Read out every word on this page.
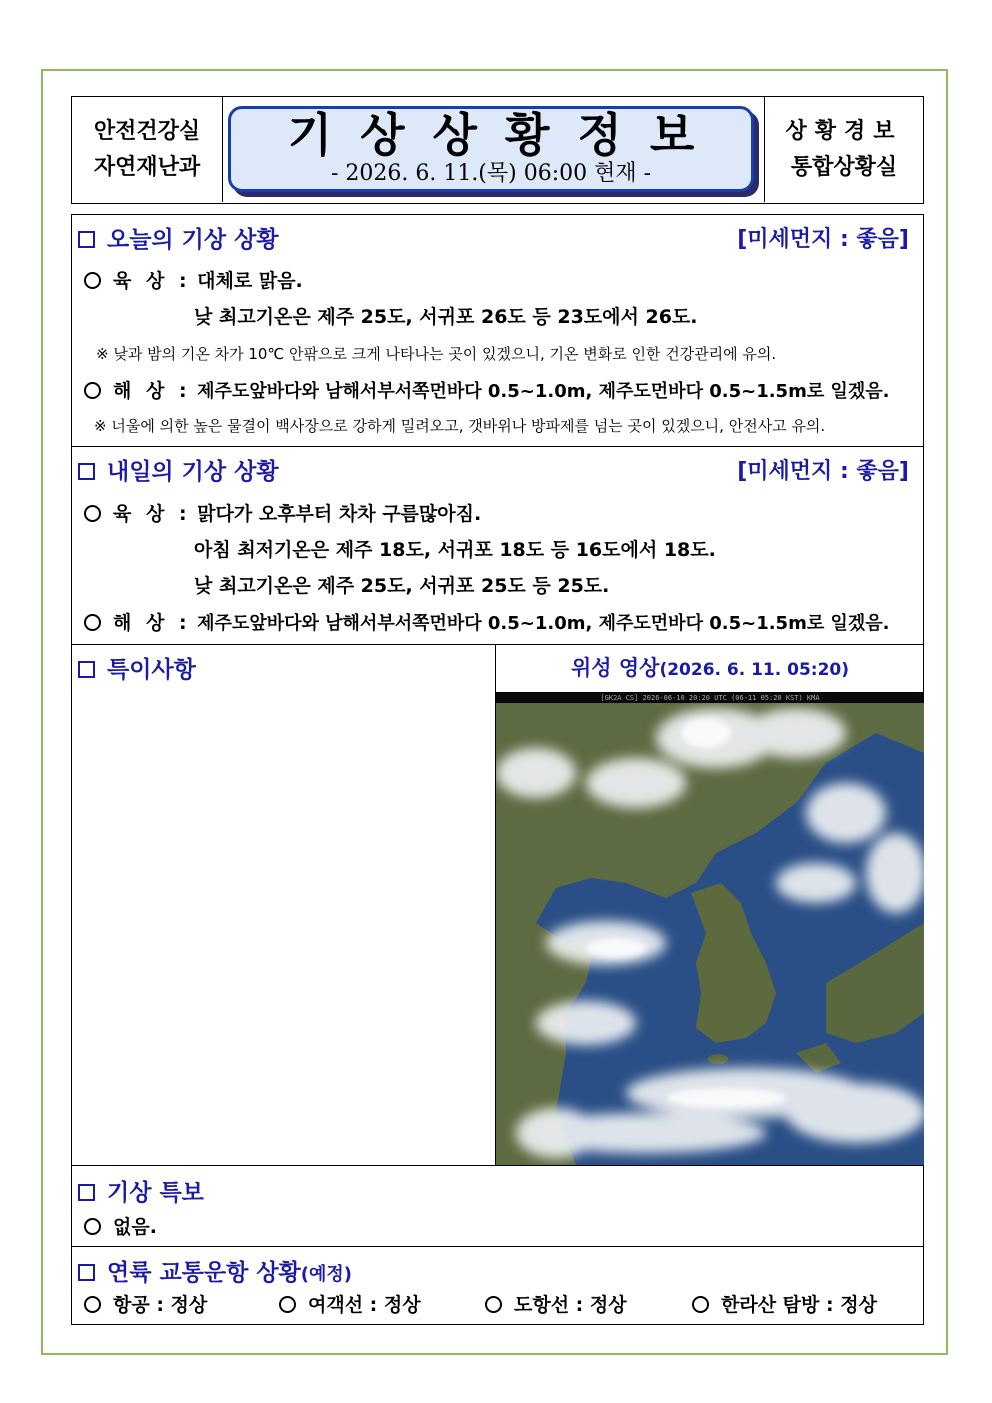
안전건강실
자연재난과
기상상황정보
- 2026. 6. 11.(목) 06:00 현재 -
상황경보
통합상황실
오늘의 기상 상황	[미세먼지 : 좋음]
육 상 : 대체로 맑음.
낮 최고기온은 제주 25도, 서귀포 26도 등 23도에서 26도.
※ 낮과 밤의 기온 차가 10℃ 안팎으로 크게 나타나는 곳이 있겠으니, 기온 변화로 인한 건강관리에 유의.
해 상 : 제주도앞바다와 남해서부서쪽먼바다 0.5~1.0m, 제주도먼바다 0.5~1.5m로 일겠음.
※ 너울에 의한 높은 물결이 백사장으로 강하게 밀려오고, 갯바위나 방파제를 넘는 곳이 있겠으니, 안전사고 유의.
내일의 기상 상황	[미세먼지 : 좋음]
육 상 : 맑다가 오후부터 차차 구름많아짐.
아침 최저기온은 제주 18도, 서귀포 18도 등 16도에서 18도.
낮 최고기온은 제주 25도, 서귀포 25도 등 25도.
해 상 : 제주도앞바다와 남해서부서쪽먼바다 0.5~1.0m, 제주도먼바다 0.5~1.5m로 일겠음.
특이사항	위성 영상(2026. 6. 11. 05:20)
[GK2A CS] 2026-06-10 20:20 UTC (06-11 05:20 KST) KMA
기상 특보
없음.
연륙 교통운항 상황(예정)
항공 : 정상	여객선 : 정상	도항선 : 정상	한라산 탐방 : 정상
